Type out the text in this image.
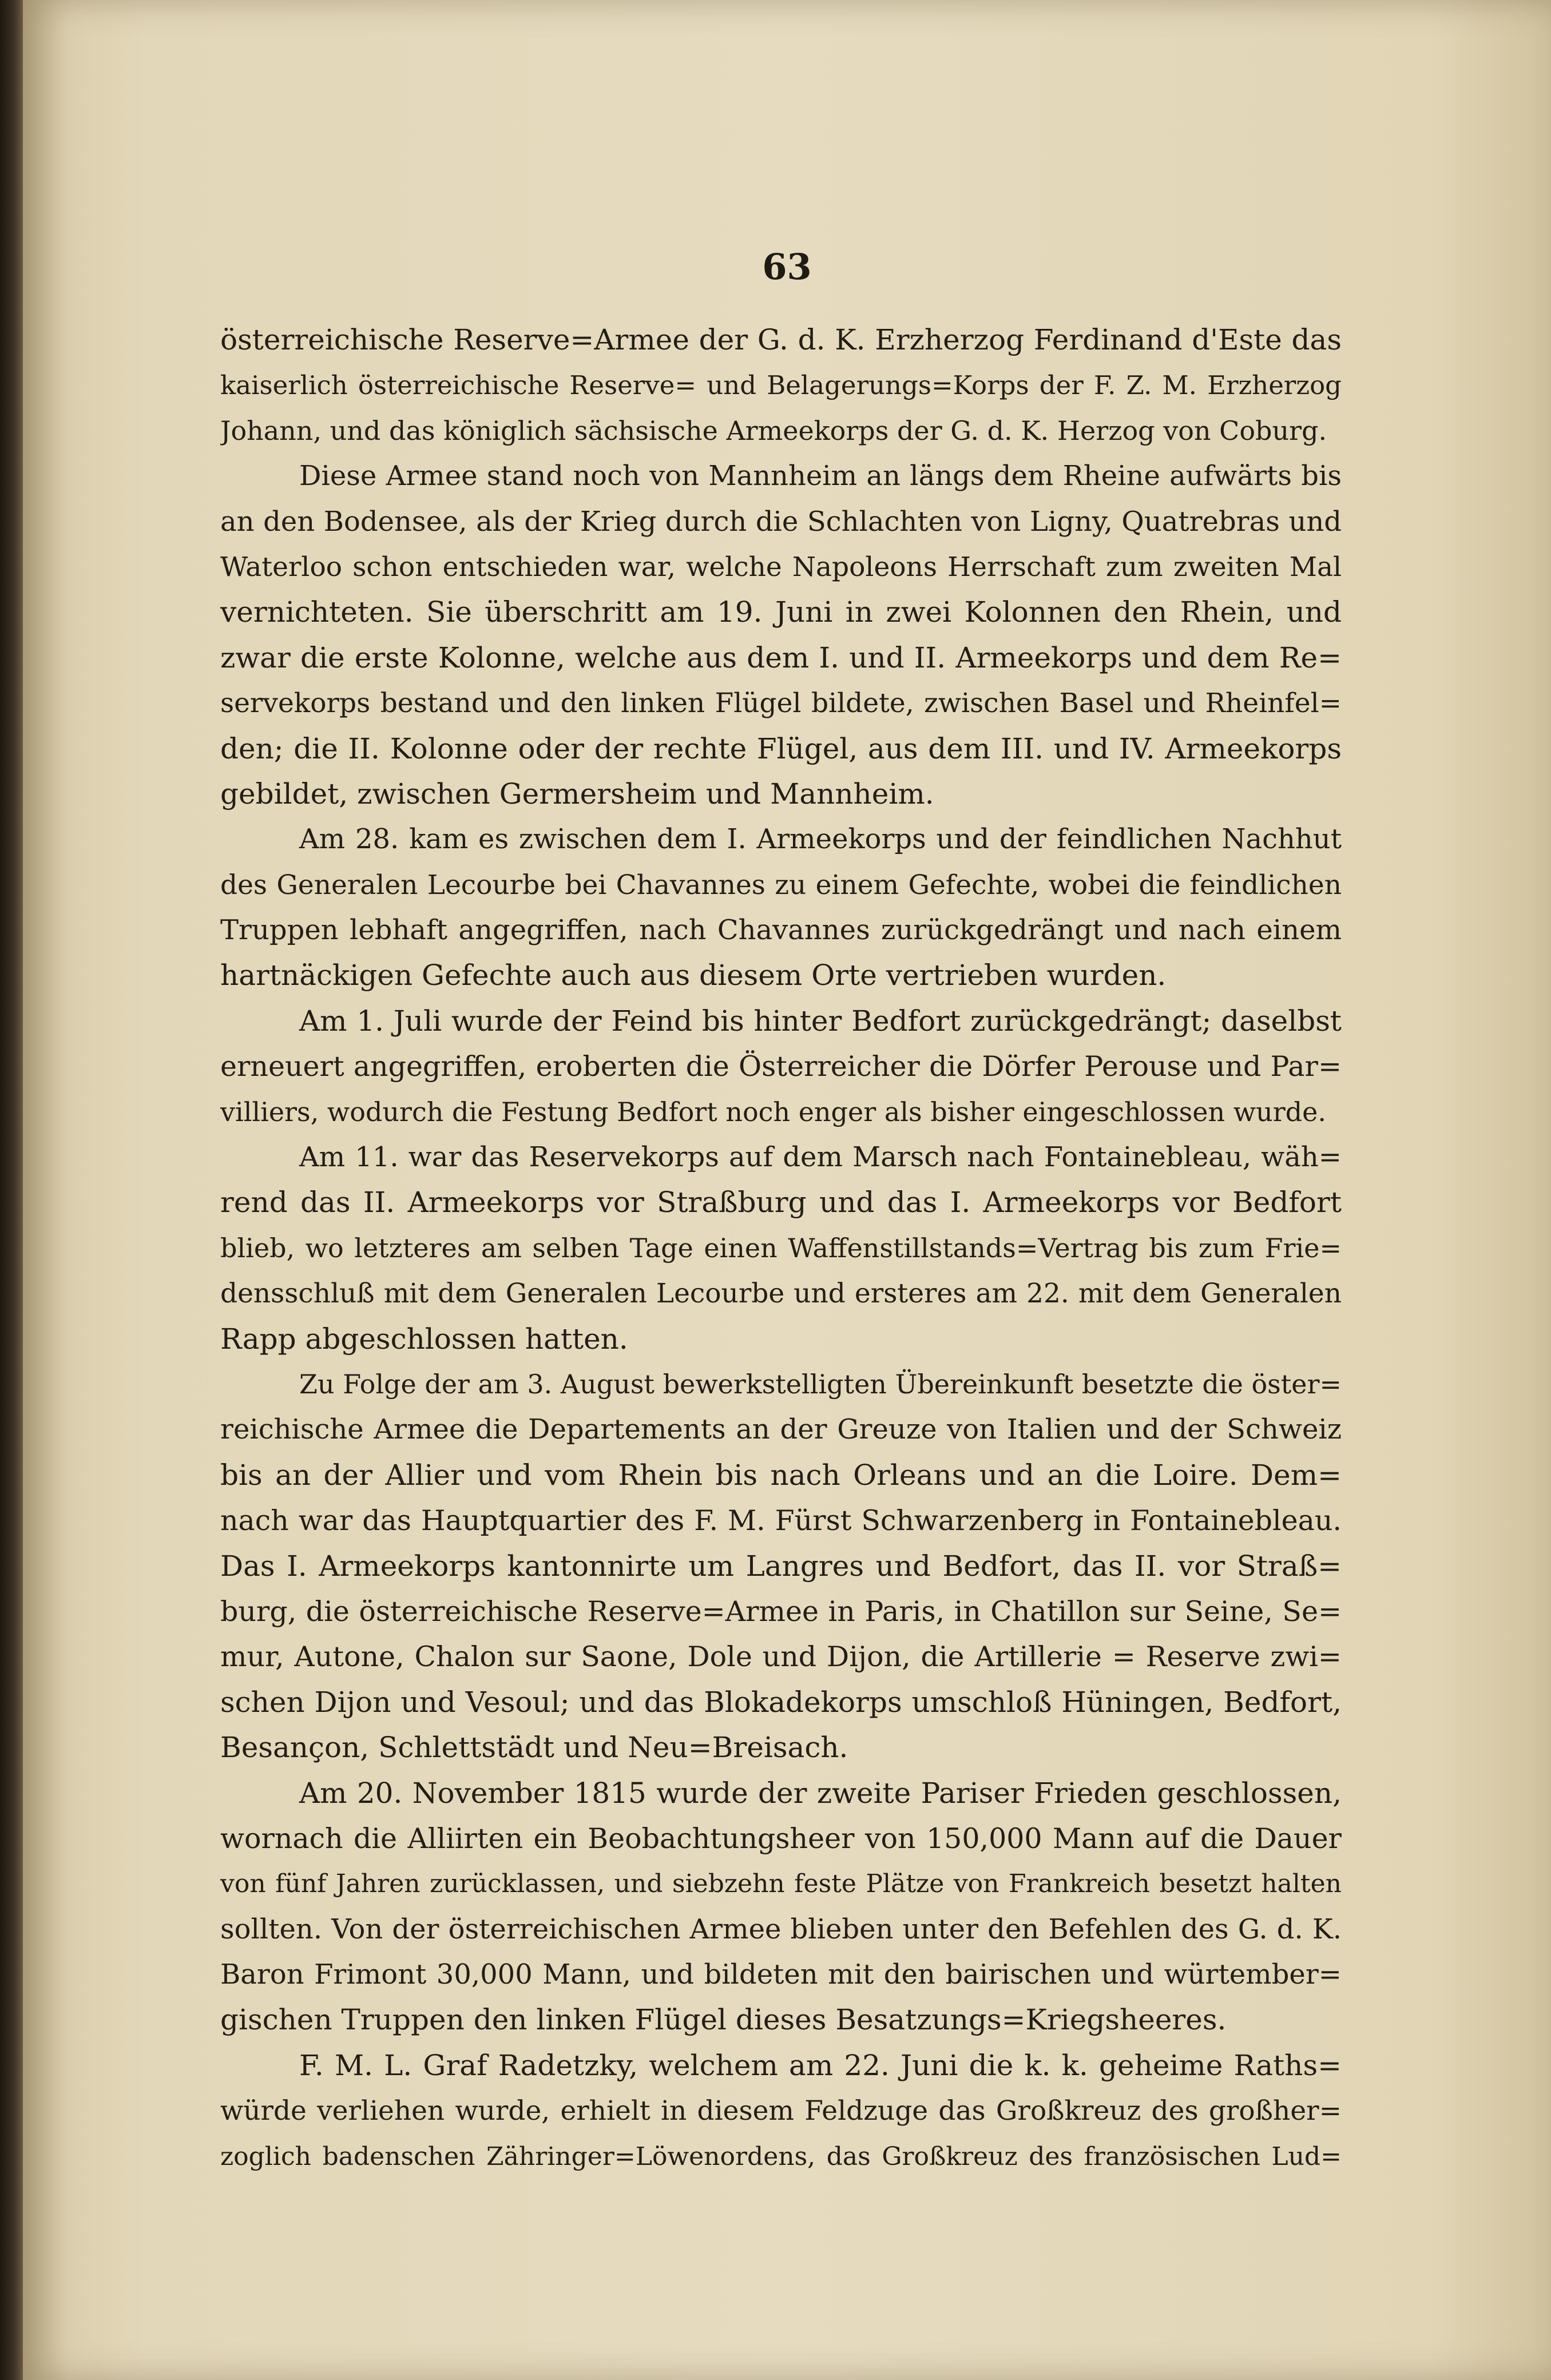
63
österreichische Reserve=Armee der G. d. K. Erzherzog Ferdinand d'Este das
kaiserlich österreichische Reserve= und Belagerungs=Korps der F. Z. M. Erzherzog
Johann, und das königlich sächsische Armeekorps der G. d. K. Herzog von Coburg.
Diese Armee stand noch von Mannheim an längs dem Rheine aufwärts bis
an den Bodensee, als der Krieg durch die Schlachten von Ligny, Quatrebras und
Waterloo schon entschieden war, welche Napoleons Herrschaft zum zweiten Mal
vernichteten. Sie überschritt am 19. Juni in zwei Kolonnen den Rhein, und
zwar die erste Kolonne, welche aus dem I. und II. Armeekorps und dem Re=
servekorps bestand und den linken Flügel bildete, zwischen Basel und Rheinfel=
den; die II. Kolonne oder der rechte Flügel, aus dem III. und IV. Armeekorps
gebildet, zwischen Germersheim und Mannheim.
Am 28. kam es zwischen dem I. Armeekorps und der feindlichen Nachhut
des Generalen Lecourbe bei Chavannes zu einem Gefechte, wobei die feindlichen
Truppen lebhaft angegriffen, nach Chavannes zurückgedrängt und nach einem
hartnäckigen Gefechte auch aus diesem Orte vertrieben wurden.
Am 1. Juli wurde der Feind bis hinter Bedfort zurückgedrängt; daselbst
erneuert angegriffen, eroberten die Österreicher die Dörfer Perouse und Par=
villiers, wodurch die Festung Bedfort noch enger als bisher eingeschlossen wurde.
Am 11. war das Reservekorps auf dem Marsch nach Fontainebleau, wäh=
rend das II. Armeekorps vor Straßburg und das I. Armeekorps vor Bedfort
blieb, wo letzteres am selben Tage einen Waffenstillstands=Vertrag bis zum Frie=
densschluß mit dem Generalen Lecourbe und ersteres am 22. mit dem Generalen
Rapp abgeschlossen hatten.
Zu Folge der am 3. August bewerkstelligten Übereinkunft besetzte die öster=
reichische Armee die Departements an der Greuze von Italien und der Schweiz
bis an der Allier und vom Rhein bis nach Orleans und an die Loire. Dem=
nach war das Hauptquartier des F. M. Fürst Schwarzenberg in Fontainebleau.
Das I. Armeekorps kantonnirte um Langres und Bedfort, das II. vor Straß=
burg, die österreichische Reserve=Armee in Paris, in Chatillon sur Seine, Se=
mur, Autone, Chalon sur Saone, Dole und Dijon, die Artillerie = Reserve zwi=
schen Dijon und Vesoul; und das Blokadekorps umschloß Hüningen, Bedfort,
Besançon, Schlettstädt und Neu=Breisach.
Am 20. November 1815 wurde der zweite Pariser Frieden geschlossen,
wornach die Alliirten ein Beobachtungsheer von 150,000 Mann auf die Dauer
von fünf Jahren zurücklassen, und siebzehn feste Plätze von Frankreich besetzt halten
sollten. Von der österreichischen Armee blieben unter den Befehlen des G. d. K.
Baron Frimont 30,000 Mann, und bildeten mit den bairischen und würtember=
gischen Truppen den linken Flügel dieses Besatzungs=Kriegsheeres.
F. M. L. Graf Radetzky, welchem am 22. Juni die k. k. geheime Raths=
würde verliehen wurde, erhielt in diesem Feldzuge das Großkreuz des großher=
zoglich badenschen Zähringer=Löwenordens, das Großkreuz des französischen Lud=
